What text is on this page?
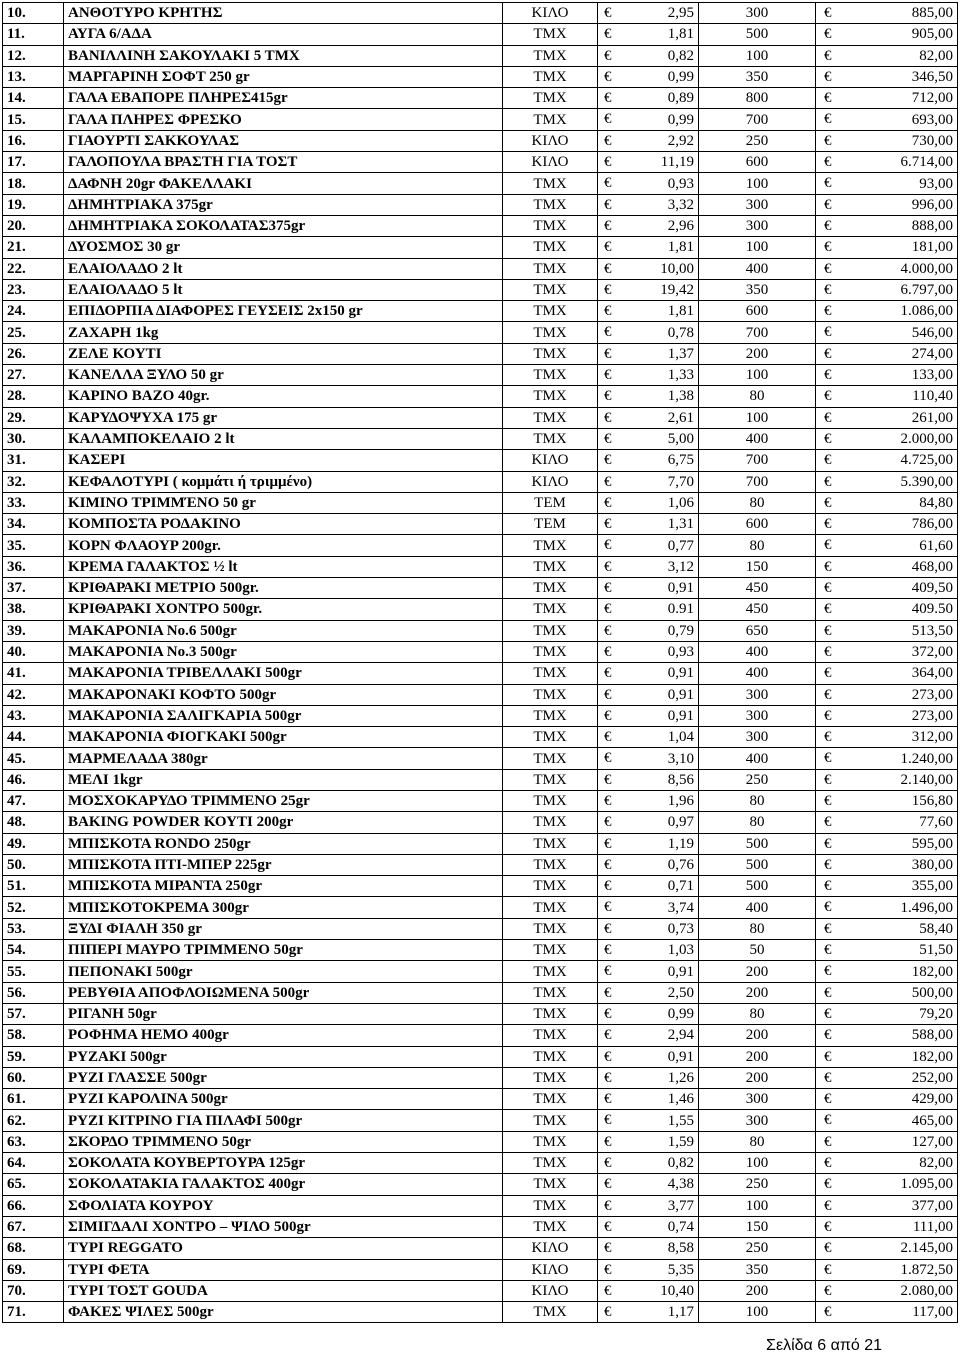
10.	ΑΝΘΟΤΥΡΟ ΚΡΗΤΗΣ	ΚΙΛΟ	€ 2,95	300	€ 885,00
11.	ΑΥΓΑ 6/ΑΔΑ	ΤΜΧ	€ 1,81	500	€ 905,00
12.	ΒΑΝΙΛΛΙΝΗ ΣΑΚΟΥΛΑΚΙ 5 ΤΜΧ	ΤΜΧ	€ 0,82	100	€ 82,00
13.	ΜΑΡΓΑΡΙΝΗ ΣΟΦΤ 250 gr	ΤΜΧ	€ 0,99	350	€ 346,50
14.	ΓΑΛΑ ΕΒΑΠΟΡΕ ΠΛΗΡΕΣ415gr	ΤΜΧ	€ 0,89	800	€ 712,00
15.	ΓΑΛΑ ΠΛΗΡΕΣ ΦΡΕΣΚΟ	ΤΜΧ	€ 0,99	700	€ 693,00
16.	ΓΙΑΟΥΡΤΙ ΣΑΚΚΟΥΛΑΣ	ΚΙΛΟ	€ 2,92	250	€ 730,00
17.	ΓΑΛΟΠΟΥΛΑ ΒΡΑΣΤΗ ΓΙΑ ΤΟΣΤ	ΚΙΛΟ	€ 11,19	600	€ 6.714,00
18.	ΔΑΦΝΗ 20gr ΦΑΚΕΛΛΑΚΙ	ΤΜΧ	€ 0,93	100	€ 93,00
19.	ΔΗΜΗΤΡΙΑΚΑ 375gr	ΤΜΧ	€ 3,32	300	€ 996,00
20.	ΔΗΜΗΤΡΙΑΚΑ ΣΟΚΟΛΑΤΑΣ375gr	ΤΜΧ	€ 2,96	300	€ 888,00
21.	ΔΥΟΣΜΟΣ 30 gr	ΤΜΧ	€ 1,81	100	€ 181,00
22.	ΕΛΑΙΟΛΑΔΟ 2 lt	ΤΜΧ	€ 10,00	400	€ 4.000,00
23.	ΕΛΑΙΟΛΑΔΟ 5 lt	ΤΜΧ	€ 19,42	350	€ 6.797,00
24.	ΕΠΙΔΟΡΠΙΑ ΔΙΑΦΟΡΕΣ ΓΕΥΣΕΙΣ 2x150 gr	ΤΜΧ	€ 1,81	600	€ 1.086,00
25.	ΖΑΧΑΡΗ 1kg	ΤΜΧ	€ 0,78	700	€ 546,00
26.	ΖΕΛΕ ΚΟΥΤΙ	ΤΜΧ	€ 1,37	200	€ 274,00
27.	ΚΑΝΕΛΛΑ ΞΥΛΟ 50 gr	ΤΜΧ	€ 1,33	100	€ 133,00
28.	ΚΑΡΙΝΟ ΒΑΖΟ 40gr.	ΤΜΧ	€ 1,38	80	€ 110,40
29.	ΚΑΡΥΔΟΨΥΧΑ 175 gr	ΤΜΧ	€ 2,61	100	€ 261,00
30.	ΚΑΛΑΜΠΟΚΕΛΑΙΟ 2 lt	ΤΜΧ	€ 5,00	400	€ 2.000,00
31.	ΚΑΣΕΡΙ	ΚΙΛΟ	€ 6,75	700	€ 4.725,00
32.	ΚΕΦΑΛΟΤΥΡΙ ( κομμάτι ή τριμμένο)	ΚΙΛΟ	€ 7,70	700	€ 5.390,00
33.	ΚΙΜΙΝΟ ΤΡΙΜΜΈΝΟ 50 gr	ΤΕΜ	€ 1,06	80	€ 84,80
34.	ΚΟΜΠΟΣΤΑ ΡΟΔΑΚΙΝΟ	ΤΕΜ	€ 1,31	600	€ 786,00
35.	ΚΟΡΝ ΦΛΑΟΥΡ 200gr.	ΤΜΧ	€ 0,77	80	€ 61,60
36.	ΚΡΕΜΑ ΓΑΛΑΚΤΟΣ ½ lt	ΤΜΧ	€ 3,12	150	€ 468,00
37.	ΚΡΙΘΑΡΑΚΙ ΜΕΤΡΙΟ 500gr.	ΤΜΧ	€ 0,91	450	€ 409,50
38.	ΚΡΙΘΑΡΑΚΙ ΧΟΝΤΡΟ 500gr.	ΤΜΧ	€ 0.91	450	€ 409.50
39.	ΜΑΚΑΡΟΝΙΑ Νο.6 500gr	ΤΜΧ	€ 0,79	650	€ 513,50
40.	ΜΑΚΑΡΟΝΙΑ Νο.3 500gr	ΤΜΧ	€ 0,93	400	€ 372,00
41.	ΜΑΚΑΡΟΝΙΑ ΤΡΙΒΕΛΛΑΚΙ 500gr	ΤΜΧ	€ 0,91	400	€ 364,00
42.	ΜΑΚΑΡΟΝΑΚΙ ΚΟΦΤΟ 500gr	ΤΜΧ	€ 0,91	300	€ 273,00
43.	ΜΑΚΑΡΟΝΙΑ ΣΑΛΙΓΚΑΡΙΑ 500gr	ΤΜΧ	€ 0,91	300	€ 273,00
44.	ΜΑΚΑΡΟΝΙΑ ΦΙΟΓΚΑΚΙ 500gr	ΤΜΧ	€ 1,04	300	€ 312,00
45.	ΜΑΡΜΕΛΑΔΑ 380gr	ΤΜΧ	€ 3,10	400	€ 1.240,00
46.	ΜΕΛΙ 1kgr	ΤΜΧ	€ 8,56	250	€ 2.140,00
47.	ΜΟΣΧΟΚΑΡΥΔΟ ΤΡΙΜΜΕΝΟ 25gr	ΤΜΧ	€ 1,96	80	€ 156,80
48.	BAKING POWDER ΚΟΥΤΙ 200gr	ΤΜΧ	€ 0,97	80	€ 77,60
49.	ΜΠΙΣΚΟΤΑ RONDO 250gr	ΤΜΧ	€ 1,19	500	€ 595,00
50.	ΜΠΙΣΚΟΤΑ ΠΤΙ-ΜΠΕΡ 225gr	ΤΜΧ	€ 0,76	500	€ 380,00
51.	ΜΠΙΣΚΟΤΑ ΜΙΡΑΝΤΑ 250gr	ΤΜΧ	€ 0,71	500	€ 355,00
52.	ΜΠΙΣΚΟΤΟΚΡΕΜΑ 300gr	ΤΜΧ	€ 3,74	400	€ 1.496,00
53.	ΞΥΔΙ ΦΙΑΛΗ 350 gr	ΤΜΧ	€ 0,73	80	€ 58,40
54.	ΠΙΠΕΡΙ ΜΑΥΡΟ ΤΡΙΜΜΕΝΟ 50gr	ΤΜΧ	€ 1,03	50	€ 51,50
55.	ΠΕΠΟΝΑΚΙ 500gr	ΤΜΧ	€ 0,91	200	€ 182,00
56.	ΡΕΒΥΘΙΑ ΑΠΟΦΛΟΙΩΜΕΝΑ 500gr	ΤΜΧ	€ 2,50	200	€ 500,00
57.	ΡΙΓΑΝΗ 50gr	ΤΜΧ	€ 0,99	80	€ 79,20
58.	ΡΟΦΗΜΑ ΗΕΜΟ 400gr	ΤΜΧ	€ 2,94	200	€ 588,00
59.	ΡΥΖΑΚΙ 500gr	ΤΜΧ	€ 0,91	200	€ 182,00
60.	ΡΥΖΙ ΓΛΑΣΣΕ 500gr	ΤΜΧ	€ 1,26	200	€ 252,00
61.	ΡΥΖΙ ΚΑΡΟΛΙΝΑ 500gr	ΤΜΧ	€ 1,46	300	€ 429,00
62.	ΡΥΖΙ ΚΙΤΡΙΝΟ ΓΙΑ ΠΙΛΑΦΙ 500gr	ΤΜΧ	€ 1,55	300	€ 465,00
63.	ΣΚΟΡΔΟ ΤΡΙΜΜΕΝΟ 50gr	ΤΜΧ	€ 1,59	80	€ 127,00
64.	ΣΟΚΟΛΑΤΑ ΚΟΥΒΕΡΤΟΥΡΑ 125gr	ΤΜΧ	€ 0,82	100	€ 82,00
65.	ΣΟΚΟΛΑΤΑΚΙΑ ΓΑΛΑΚΤΟΣ 400gr	ΤΜΧ	€ 4,38	250	€ 1.095,00
66.	ΣΦΟΛΙΑΤΑ ΚΟΥΡΟΥ	ΤΜΧ	€ 3,77	100	€ 377,00
67.	ΣΙΜΙΓΔΑΛΙ ΧΟΝΤΡΟ – ΨΙΛΟ 500gr	ΤΜΧ	€ 0,74	150	€ 111,00
68.	ΤΥΡΙ REGGATO	ΚΙΛΟ	€ 8,58	250	€ 2.145,00
69.	ΤΥΡΙ ΦΕΤΑ	ΚΙΛΟ	€ 5,35	350	€ 1.872,50
70.	ΤΥΡΙ ΤΟΣΤ GOUDA	ΚΙΛΟ	€ 10,40	200	€ 2.080,00
71.	ΦΑΚΕΣ ΨΙΛΕΣ 500gr	ΤΜΧ	€ 1,17	100	€ 117,00
Σελίδα 6 από 21
